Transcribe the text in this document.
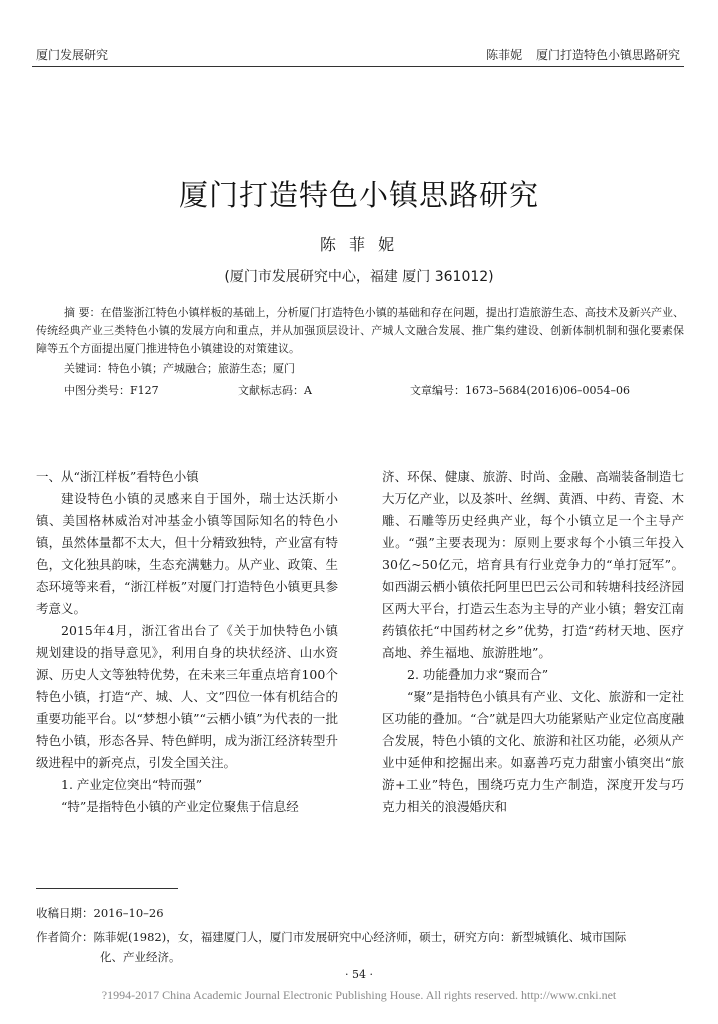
厦门发展研究	陈菲妮 厦门打造特色小镇思路研究
厦门打造特色小镇思路研究
陈 菲 妮
(厦门市发展研究中心，福建 厦门 361012)
摘 要：在借鉴浙江特色小镇样板的基础上，分析厦门打造特色小镇的基础和存在问题，提出打造旅游生态、高技术及新兴产业、传统经典产业三类特色小镇的发展方向和重点，并从加强顶层设计、产城人文融合发展、推广集约建设、创新体制机制和强化要素保障等五个方面提出厦门推进特色小镇建设的对策建议。
关键词：特色小镇；产城融合；旅游生态；厦门
中图分类号：F127	文献标志码：A	文章编号：1673–5684(2016)06–0054–06

一、从“浙江样板”看特色小镇

建设特色小镇的灵感来自于国外，瑞士达沃斯小镇、美国格林威治对冲基金小镇等国际知名的特色小镇，虽然体量都不太大，但十分精致独特，产业富有特色，文化独具韵味，生态充满魅力。从产业、政策、生态环境等来看，“浙江样板”对厦门打造特色小镇更具参考意义。

2015年4月，浙江省出台了《关于加快特色小镇规划建设的指导意见》，利用自身的块状经济、山水资源、历史人文等独特优势，在未来三年重点培育100个特色小镇，打造“产、城、人、文”四位一体有机结合的重要功能平台。以“梦想小镇”“云栖小镇”为代表的一批特色小镇，形态各异、特色鲜明，成为浙江经济转型升级进程中的新亮点，引发全国关注。

1. 产业定位突出“特而强”

“特”是指特色小镇的产业定位聚焦于信息经

济、环保、健康、旅游、时尚、金融、高端装备制造七大万亿产业，以及茶叶、丝绸、黄酒、中药、青瓷、木雕、石雕等历史经典产业，每个小镇立足一个主导产业。“强”主要表现为：原则上要求每个小镇三年投入30亿~50亿元，培育具有行业竞争力的“单打冠军”。如西湖云栖小镇依托阿里巴巴云公司和转塘科技经济园区两大平台，打造云生态为主导的产业小镇；磐安江南药镇依托“中国药材之乡”优势，打造“药材天地、医疗高地、养生福地、旅游胜地”。

2. 功能叠加力求“聚而合”

“聚”是指特色小镇具有产业、文化、旅游和一定社区功能的叠加。“合”就是四大功能紧贴产业定位高度融合发展，特色小镇的文化、旅游和社区功能，必须从产业中延伸和挖掘出来。如嘉善巧克力甜蜜小镇突出“旅游+工业”特色，围绕巧克力生产制造，深度开发与巧克力相关的浪漫婚庆和

收稿日期：2016–10–26
作者简介：陈菲妮(1982)，女，福建厦门人，厦门市发展研究中心经济师，硕士，研究方向：新型城镇化、城市国际
化、产业经济。
· 54 ·
?1994-2017 China Academic Journal Electronic Publishing House. All rights reserved. http://www.cnki.net
